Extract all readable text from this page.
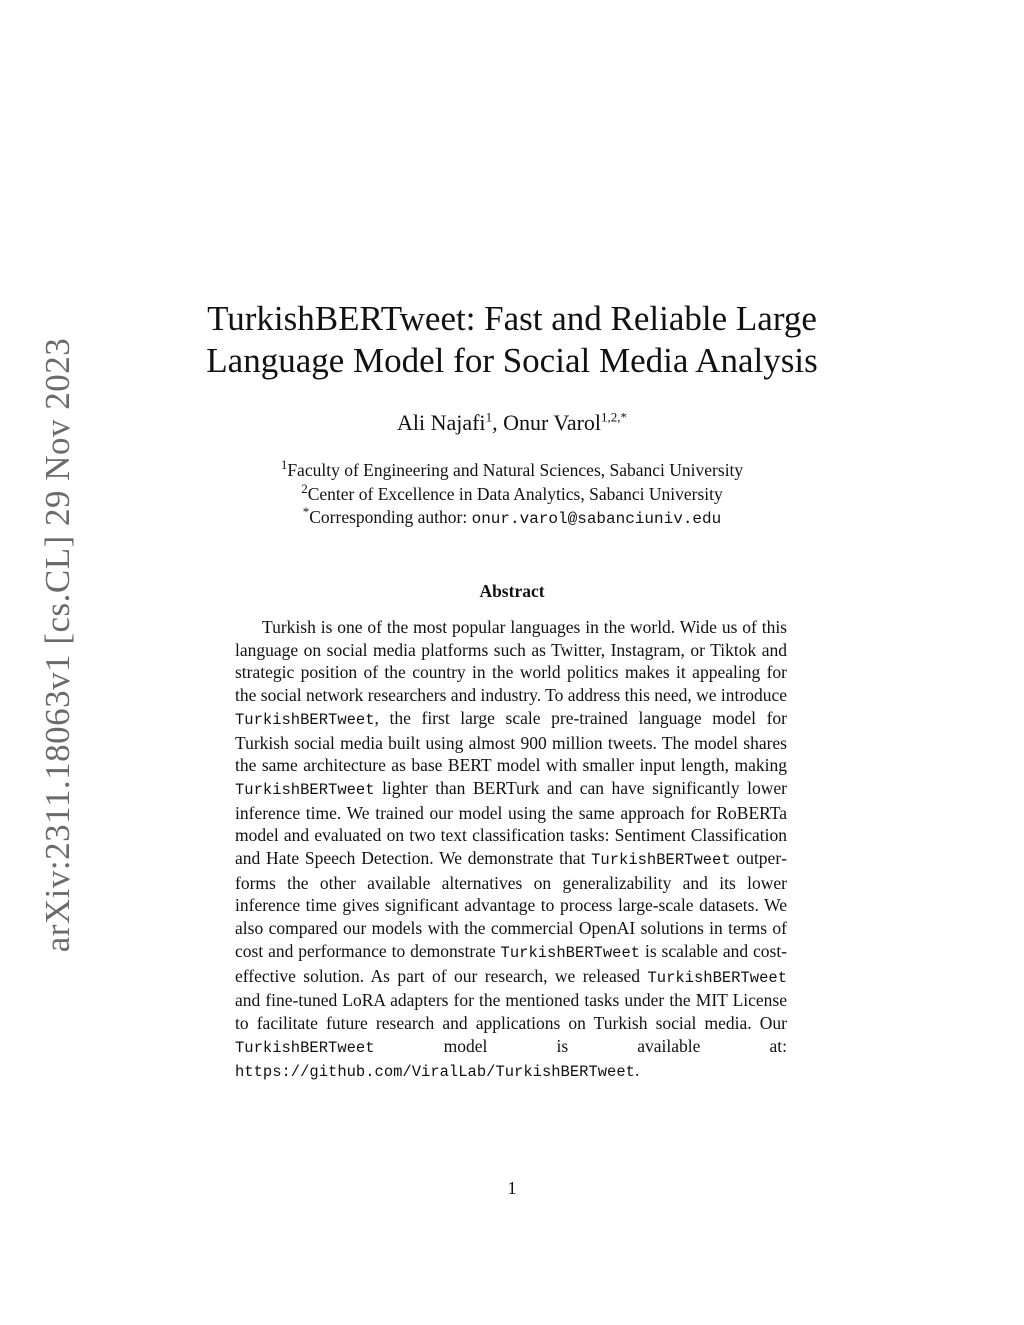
arXiv:2311.18063v1 [cs.CL] 29 Nov 2023
TurkishBERTweet: Fast and Reliable Large
Language Model for Social Media Analysis
Ali Najafi$^1$, Onur Varol$^{1,2,*}$
$^1$Faculty of Engineering and Natural Sciences, Sabanci University
$^2$Center of Excellence in Data Analytics, Sabanci University
*Corresponding author: onur.varol@sabanciuniv.edu
Abstract
Turkish is one of the most popular languages in the world. Wide us of this language on social media platforms such as Twitter, Instagram, or Tiktok and strategic position of the country in the world politics makes it appealing for the social network researchers and industry. To address this need, we introduce TurkishBERTweet, the first large scale pre-trained language model for Turkish social media built using almost 900 million tweets. The model shares the same architecture as base BERT model with smaller input length, making TurkishBERTweet lighter than BERTurk and can have significantly lower inference time. We trained our model using the same approach for RoBERTa model and evaluated on two text classification tasks: Sentiment Classification and Hate Speech Detection. We demonstrate that TurkishBERTweet outperforms the other available alternatives on generalizability and its lower inference time gives significant advantage to process large-scale datasets. We also compared our models with the commercial OpenAI solutions in terms of cost and performance to demonstrate TurkishBERTweet is scalable and cost-effective solution. As part of our research, we released TurkishBERTweet and fine-tuned LoRA adapters for the mentioned tasks under the MIT License to facilitate future research and applications on Turkish social media. Our TurkishBERTweet model is available at: https://github.com/ViralLab/TurkishBERTweet.
1
